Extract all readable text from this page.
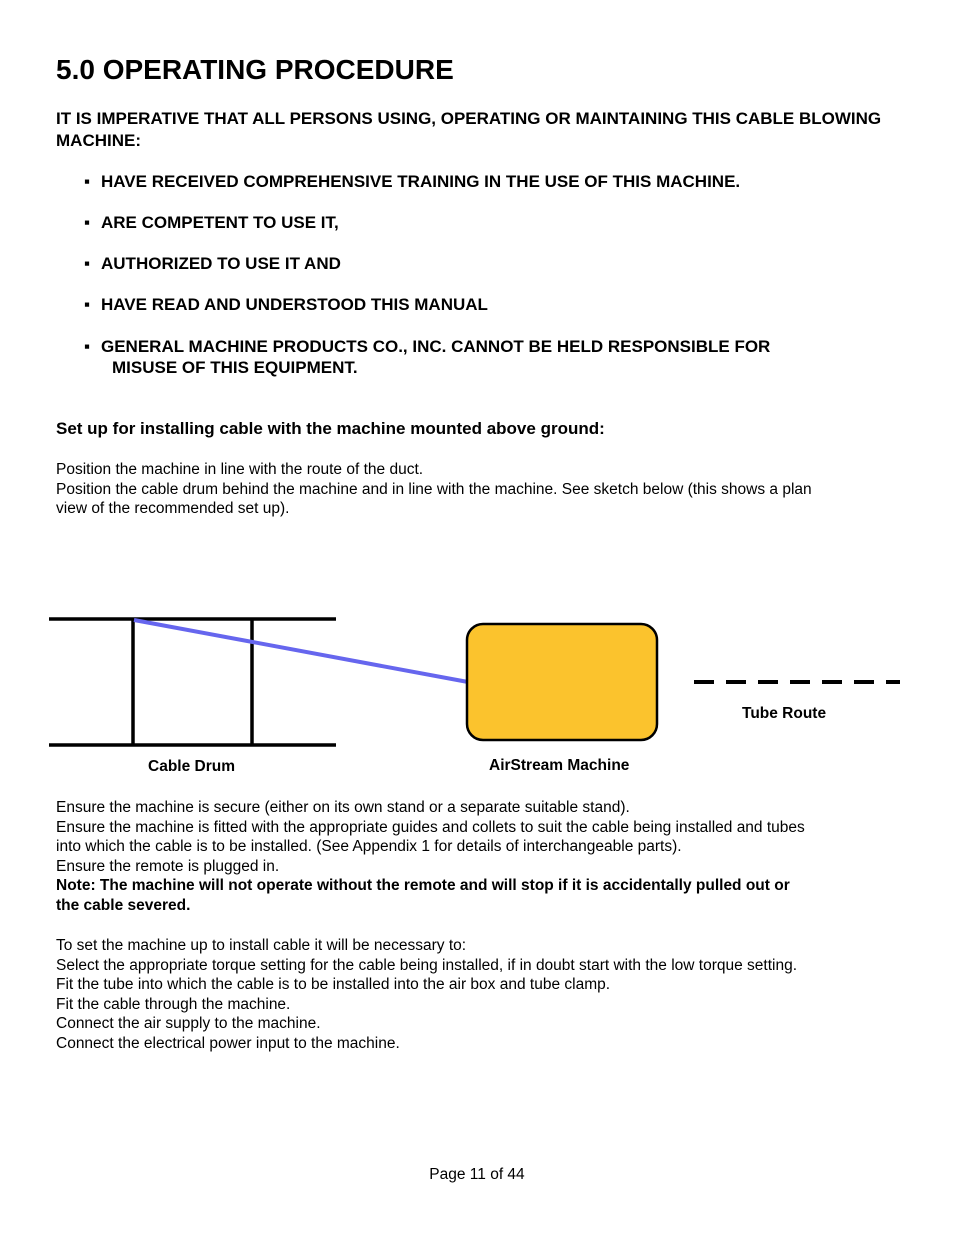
5.0 OPERATING PROCEDURE
IT IS IMPERATIVE THAT ALL PERSONS USING, OPERATING OR MAINTAINING THIS CABLE BLOWING MACHINE:
▪ HAVE RECEIVED COMPREHENSIVE TRAINING IN THE USE OF THIS MACHINE.
▪ ARE COMPETENT TO USE IT,
▪ AUTHORIZED TO USE IT AND
▪ HAVE READ AND UNDERSTOOD THIS MANUAL
▪ GENERAL MACHINE PRODUCTS CO., INC. CANNOT BE HELD RESPONSIBLE FOR
MISUSE OF THIS EQUIPMENT.
Set up for installing cable with the machine mounted above ground:
Position the machine in line with the route of the duct.
Position the cable drum behind the machine and in line with the machine. See sketch below (this shows a plan
view of the recommended set up).
Cable Drum	AirStream Machine
Tube Route
Ensure the machine is secure (either on its own stand or a separate suitable stand).
Ensure the machine is fitted with the appropriate guides and collets to suit the cable being installed and tubes
into which the cable is to be installed. (See Appendix 1 for details of interchangeable parts).
Ensure the remote is plugged in.
Note: The machine will not operate without the remote and will stop if it is accidentally pulled out or
the cable severed.
To set the machine up to install cable it will be necessary to:
Select the appropriate torque setting for the cable being installed, if in doubt start with the low torque setting.
Fit the tube into which the cable is to be installed into the air box and tube clamp.
Fit the cable through the machine.
Connect the air supply to the machine.
Connect the electrical power input to the machine.
Page 11 of 44
